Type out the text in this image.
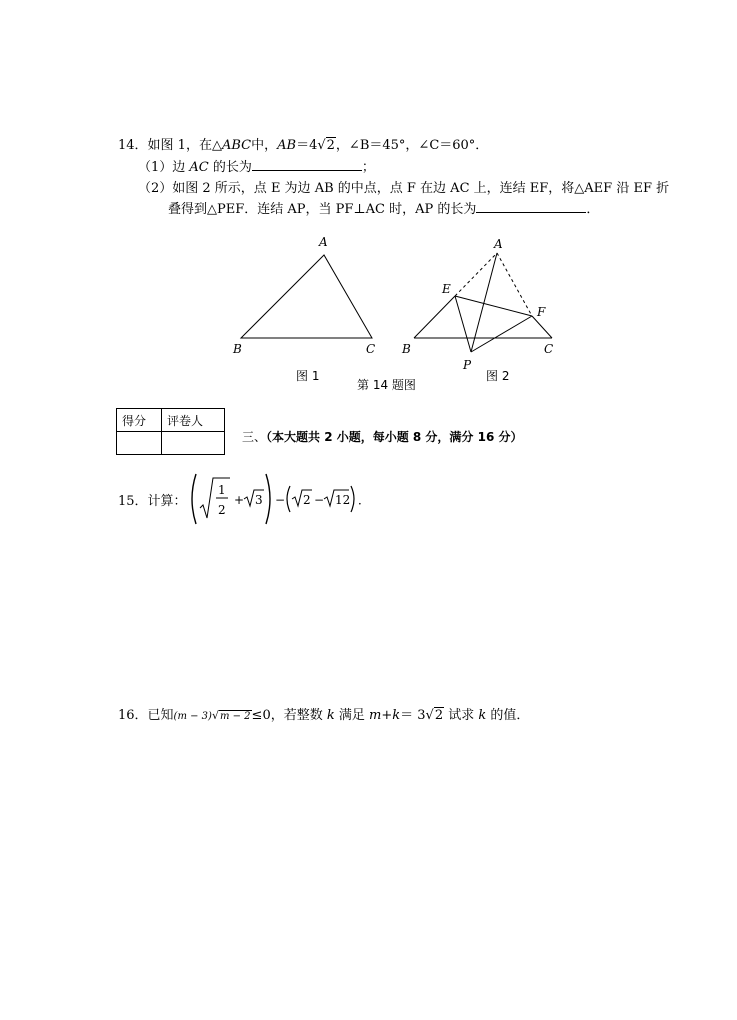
14．如图 1，在△ABC中，AB＝4√2，∠B＝45°，∠C＝60°．
（1）边 AC 的长为	；
（2）如图 2 所示，点 E 为边 AB 的中点，点 F 在边 AC 上，连结 EF，将△AEF 沿 EF 折
叠得到△PEF．连结 AP，当 PF⊥AC 时，AP 的长为	．
A
B	C
A
E
F
B	C
P
图 1	图 2
第 14 题图
得分	评卷人

三、（本大题共 2 小题，每小题 8 分，满分 16 分）
15．计算：
1
2
+ 3 − 2 − 12 ．
16．已知(m − 3)√m − 2≤0，若整数 k 满足 m+k＝ 3√2 试求 k 的值．
